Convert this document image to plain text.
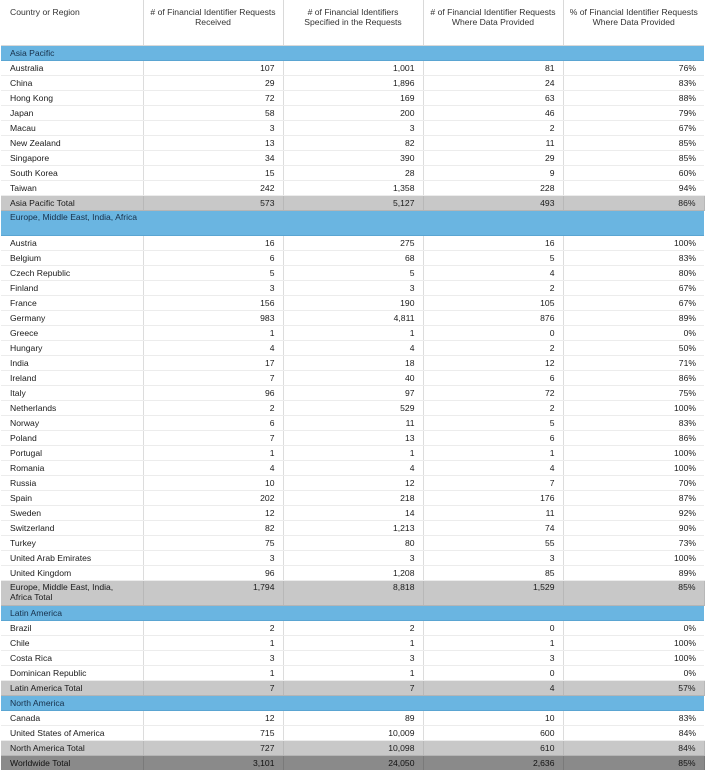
Country or Region	# of Financial Identifier Requests Received	# of Financial Identifiers Specified in the Requests	# of Financial Identifier Requests Where Data Provided	% of Financial Identifier Requests Where Data Provided
Asia Pacific				
Australia	107	1,001	81	76%
China	29	1,896	24	83%
Hong Kong	72	169	63	88%
Japan	58	200	46	79%
Macau	3	3	2	67%
New Zealand	13	82	11	85%
Singapore	34	390	29	85%
South Korea	15	28	9	60%
Taiwan	242	1,358	228	94%
Asia Pacific Total	573	5,127	493	86%
Europe, Middle East, India, Africa				
Austria	16	275	16	100%
Belgium	6	68	5	83%
Czech Republic	5	5	4	80%
Finland	3	3	2	67%
France	156	190	105	67%
Germany	983	4,811	876	89%
Greece	1	1	0	0%
Hungary	4	4	2	50%
India	17	18	12	71%
Ireland	7	40	6	86%
Italy	96	97	72	75%
Netherlands	2	529	2	100%
Norway	6	11	5	83%
Poland	7	13	6	86%
Portugal	1	1	1	100%
Romania	4	4	4	100%
Russia	10	12	7	70%
Spain	202	218	176	87%
Sweden	12	14	11	92%
Switzerland	82	1,213	74	90%
Turkey	75	80	55	73%
United Arab Emirates	3	3	3	100%
United Kingdom	96	1,208	85	89%
Europe, Middle East, India, Africa Total	1,794	8,818	1,529	85%
Latin America				
Brazil	2	2	0	0%
Chile	1	1	1	100%
Costa Rica	3	3	3	100%
Dominican Republic	1	1	0	0%
Latin America Total	7	7	4	57%
North America				
Canada	12	89	10	83%
United States of America	715	10,009	600	84%
North America Total	727	10,098	610	84%
Worldwide Total	3,101	24,050	2,636	85%
